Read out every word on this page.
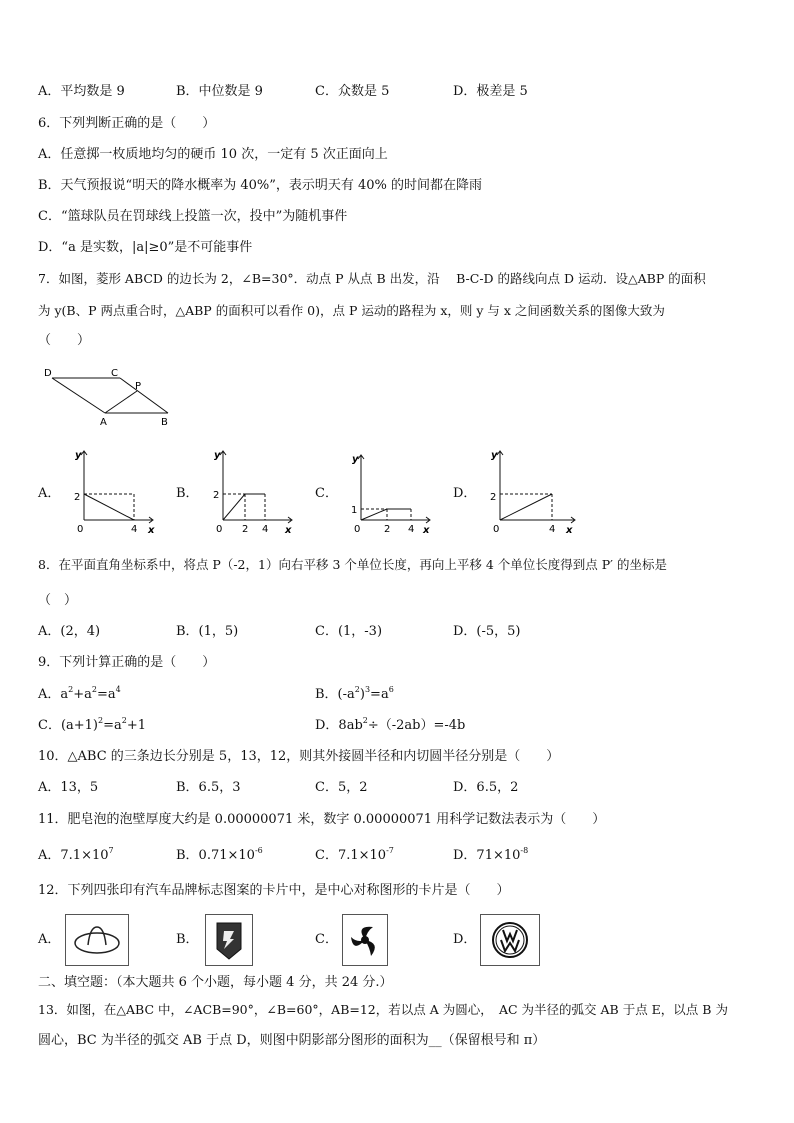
A．平均数是 9	B．中位数是 9	C．众数是 5	D．极差是 5
6．下列判断正确的是（　　）
A．任意掷一枚质地均匀的硬币 10 次，一定有 5 次正面向上
B．天气预报说“明天的降水概率为 40%”，表示明天有 40% 的时间都在降雨
C．“篮球队员在罚球线上投篮一次，投中”为随机事件
D．“a 是实数，|a|≥0”是不可能事件
7．如图，菱形 ABCD 的边长为 2，∠B=30°．动点 P 从点 B 出发，沿　 B-C-D 的路线向点 D 运动．设△ABP 的面积
为 y(B、P 两点重合时，△ABP 的面积可以看作 0)，点 P 运动的路程为 x，则 y 与 x 之间函数关系的图像大致为
（　　）
D	C
P
A	B
A．	B．	C．	D．
y
2
0	4 x
y
2
0 2 4 x
y
1
0 2 4 x
y
2
0	4 x
8．在平面直角坐标系中，将点 P（-2，1）向右平移 3 个单位长度，再向上平移 4 个单位长度得到点 P′ 的坐标是
（　）
A．(2，4)	B．(1，5)	C．(1，-3)	D．(-5，5)
9．下列计算正确的是（　　）
A．$a^2+a^2=a^4$	B．$(-a^2)^3=a^6$
C．$(a+1)^2=a^2+1$	D．$8ab^2\div(-2ab)=-4b$
10．△ABC 的三条边长分别是 5，13，12，则其外接圆半径和内切圆半径分别是（　　）
A．13，5	B．6.5，3	C．5，2	D．6.5，2
11．肥皂泡的泡壁厚度大约是 0.00000071 米，数字 0.00000071 用科学记数法表示为（　　）
A．$7.1\times 10^7$	B．$0.71\times 10^{-6}$	C．$7.1\times 10^{-7}$	D．$71\times 10^{-8}$
12．下列四张印有汽车品牌标志图案的卡片中，是中心对称图形的卡片是（　　）
A．	B．	C．	D．
二、填空题：（本大题共 6 个小题，每小题 4 分，共 24 分.）
13．如图，在△ABC 中，∠ACB=90°，∠B=60°，AB=12，若以点 A 为圆心，　AC 为半径的弧交 AB 于点 E，以点 B 为
圆心，BC 为半径的弧交 AB 于点 D，则图中阴影部分图形的面积为__（保留根号和 π）
